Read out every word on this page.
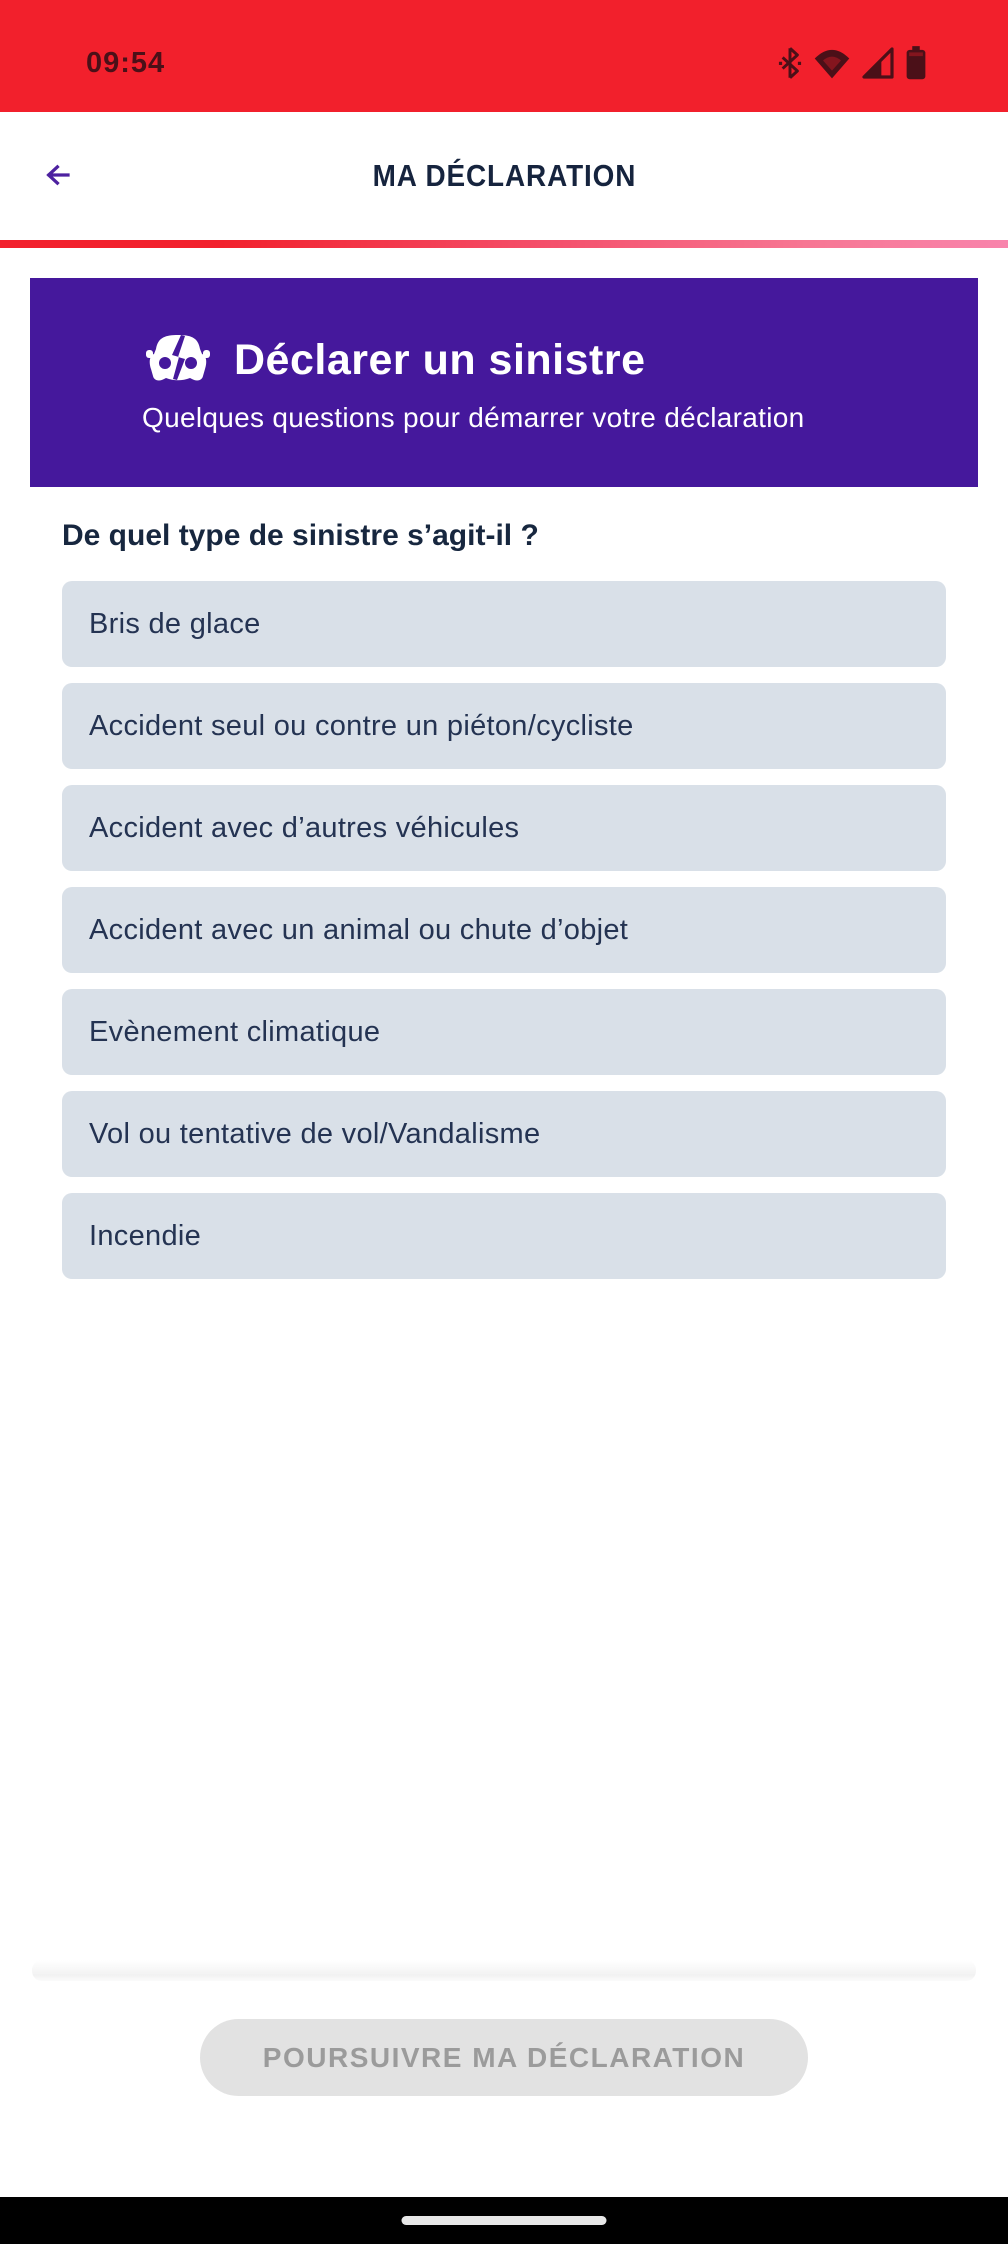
09:54
MA DÉCLARATION
Déclarer un sinistre
Quelques questions pour démarrer votre déclaration
De quel type de sinistre s’agit-il ?
Bris de glace
Accident seul ou contre un piéton/cycliste
Accident avec d’autres véhicules
Accident avec un animal ou chute d’objet
Evènement climatique
Vol ou tentative de vol/Vandalisme
Incendie
POURSUIVRE MA DÉCLARATION
